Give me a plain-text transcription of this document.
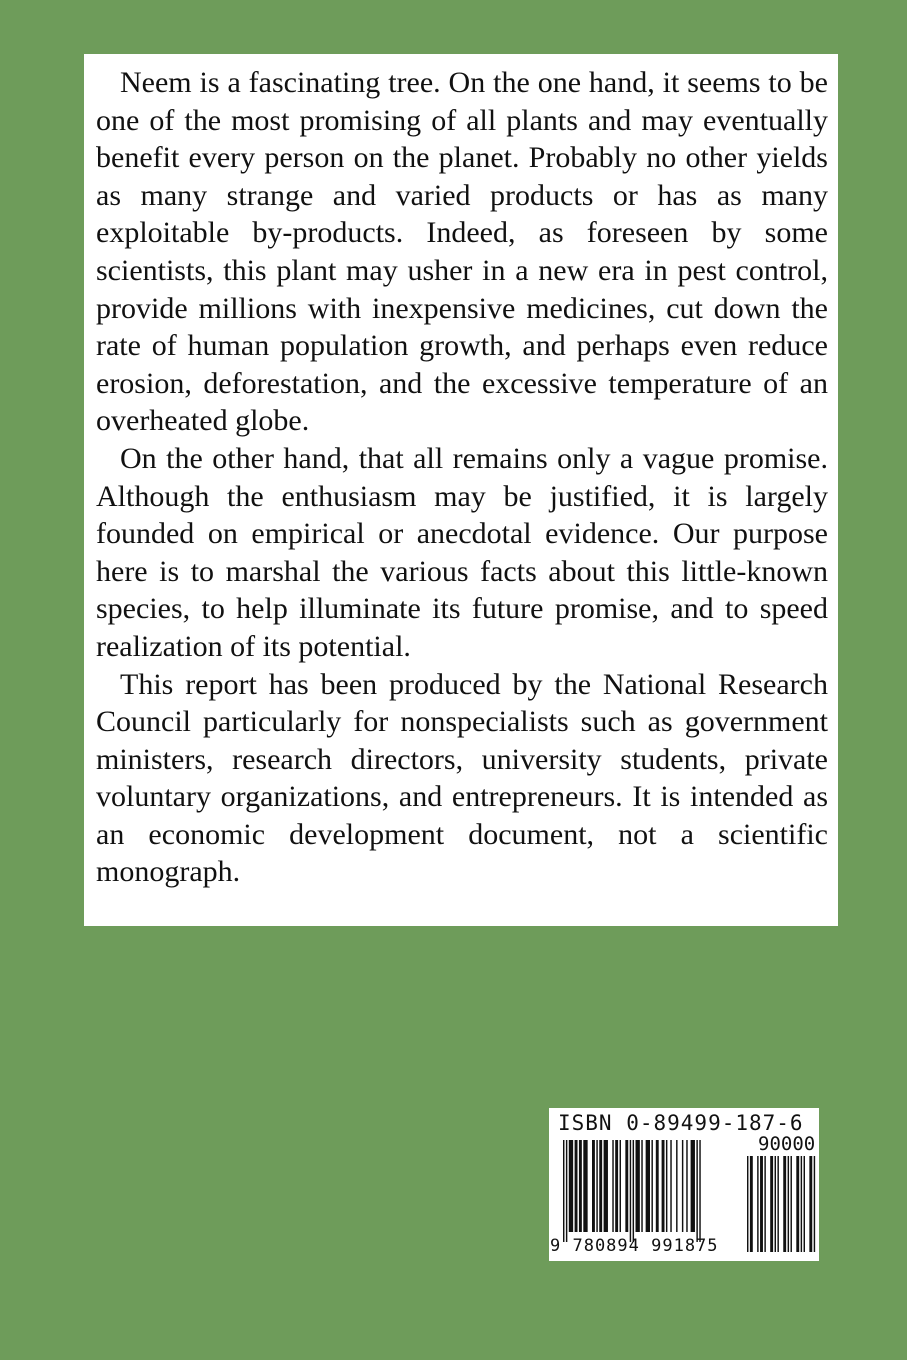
Neem is a fascinating tree. On the one hand, it seems to be one of the most promising of all plants and may eventually benefit every person on the planet. Probably no other yields as many strange and varied products or has as many exploitable by-products. Indeed, as foreseen by some scientists, this plant may usher in a new era in pest control, provide millions with inexpensive medicines, cut down the rate of human population growth, and perhaps even reduce erosion, deforestation, and the excessive temperature of an overheated globe.

On the other hand, that all remains only a vague promise. Although the enthusiasm may be justified, it is largely founded on empirical or anecdotal evidence. Our purpose here is to marshal the various facts about this little-known species, to help illuminate its future promise, and to speed realization of its potential.

This report has been produced by the National Research Council particularly for nonspecialists such as government ministers, research directors, university students, private voluntary organizations, and entrepreneurs. It is intended as an economic development document, not a scientific monograph.

ISBN 0-89499-187-6
90000
9 780894 991875
